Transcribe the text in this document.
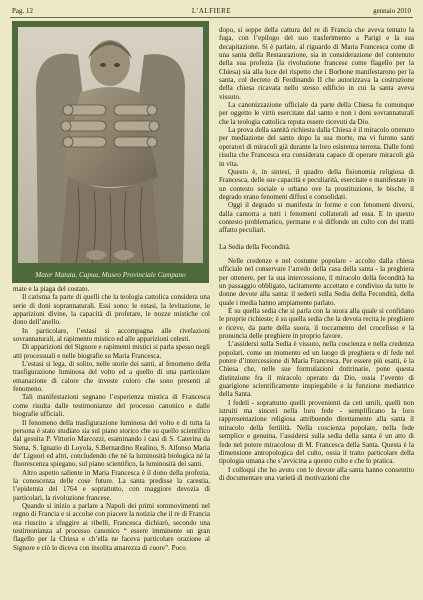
Pag. 12	L’ALFIERE	gennaio 2010
Mater Matuta, Capua, Museo Provinciale Campano

mate e la piaga del costato.

Il carisma fa parte di quelli che la teologia cattolica considera una serie di doni soprannaturali. Essi sono: le estasi, la levitazione, le apparizioni divine, la capacità di profetare, le nozze mistiche col dono dell’anello.

In particolare, l’estasi si accompagna alle rivelazioni sovrannaturali, al rapimento mistico ed alle apparizioni celesti.

Di apparizioni del Signore e rapimenti mistici si parla spesso negli atti processuali e nelle biografie su Maria Francesca.

L’estasi si lega, di solito, nelle storie dei santi, al fenomeno della trasfigurazione luminosa del volto ed a quello di una particolare emanazione di calore che investe coloro che sono presenti al fenomeno.

Tali manifestazioni segnano l’esperienza mistica di Francesca come risulta dalle testimonianze del processo canonico e dalle biografie ufficiali.

Il fenomeno della trasfigurazione luminosa del volto e di tutta la persona è stato studiato sia sul piano storico che su quello scientifico dal gesuita P. Vittorio Marcozzi, esaminando i casi di S. Caterina da Siena, S. Ignazio di Loyola, S.Bernardino Realino, S. Alfonso Maria de’ Liguori ed altri, concludendo che né la luminosità biologica né la fluorescenza spiegano, sul piano scientifico, la luminosità dei santi.

Altro aspetto saliente in Maria Francesca è il dono della profezia, la conoscenza delle cose future. La santa predisse la carestia, l’epidemia del 1764 e soprattutto, con maggiore devozia di particolari, la rivoluzione francese.

Quando si inizio a parlare a Napoli dei primi sommovimenti nel regno di Francia e si accolse con piacere la notizia che il re di Francia era riuscito a sfuggire ai ribelli, Francesca dichiarò, secondo una testimonianza al processo canonico “ essere imminente un gran flagello per la Chiesa e ch’ella ne faceva particolare orazione al Signore e ciò lo diceva con insolita amarezza di cuore”. Poco

dopo, si seppe della cattura del re di Francia che aveva tentato la fuga, con l’epilogo del suo trasferimento a Parigi e la sua decapitazione. Si è parlato, al riguardo di Maria Francesca come di una santa della Restaurazione, sia in considerazione del contenuto della sua profezia (la rivoluzione francese come flagello per la Chiesa) sia alla luce del rispetto che i Borbone manifestarono per la santa, col decreto di Ferdinando II che autorizzava la costruzione della chiesa ricavata nello stesso edificio in cui la santa aveva vissuto.

La canonizzazione ufficiale da parte della Chiesa fu comunque per oggetto le virtù esercitate dal santo e non i doni sovrannaturali che la teologia cattolica reputa essere ricevuti da Dio.

La prova della santità richiesta dalla Chiesa è il miracolo ottenuto per mediazione del santo dopo la sua morte, ma vi furono santi operatori di miracoli già durante la loro esistenza terrena. Dalle fonti risulta che Francesca era considerata capace di operare miracoli già in vita.

Questo è, in sintesi, il quadro della fisionomia religiosa di Francesca, delle sue capacità e peculiarità, esercitate e manifestate in un contesto sociale e urbano ove la prostituzione, le bische, il degrado erano fenomeni diffusi e consolidati.

Oggi il degrado si manifesta in forme e con fenomeni diversi, dalla camorra a tutti i fenomeni collaterali ad essa. E in questo contesto problematico, permane e si diffonde un culto con dei tratti affatto peculiari.

La Sedia della Fecondità.

Nelle credenze e nel costume popolare - accolto dalla chiesa ufficiale nel conservare l’arredo della casa della santa - la preghiera per ottenere, per la sua intercessione, il miracolo della fecondità ha un passaggio obbligato, tacitamente accettato e condiviso da tutte le donne devote alla santa: il sederti sulla Sedia della Fecondità, della quale i media hanno ampiamente parlato.

È su quella sedia che si parla con la suora alla quale si confidano le proprie richieste; è su quella sedia che la devota recita le preghiere e riceve, da parte della suora, il toccamento del crocefisso e la pronuncia delle preghiere in proprio favore.

L’assidersi sulla Sedia è vissuto, nella coscienza e nella credenza popolari, come un momento ed un luogo di preghiera e di fede nel potere d’intercessione di Maria Francesca. Per essere più esatti, è la Chiesa che, nelle sue formulazioni dottrinarie, pone questa distinzione fra il miracolo operato da Dio, ossia l’evento di guarigione scientificamente inspiegabile e la funzione mediatrice della Santa.

I fedeli - soprattutto quelli provenienti da ceti umili, quelli non istruiti ma sinceri nella loro fede - semplificano la loro rappresentazione religiosa attribuendo direttamente alla santa il miracolo della fertilità. Nella coscienza popolare, nella fede semplice e genuina, l’assidersi sulla sedia della santa è un atto di fede nel potere miracoloso di M. Francesca della Santa. Questa è la dimensione antropologica del culto, ossia il tratto particolare della tipologia umana che s’avvicina a questo culto e che lo pratica.

I colloqui che ho avuto con le devote alla santa hanno consentito di documentare una varietà di motivazioni che
